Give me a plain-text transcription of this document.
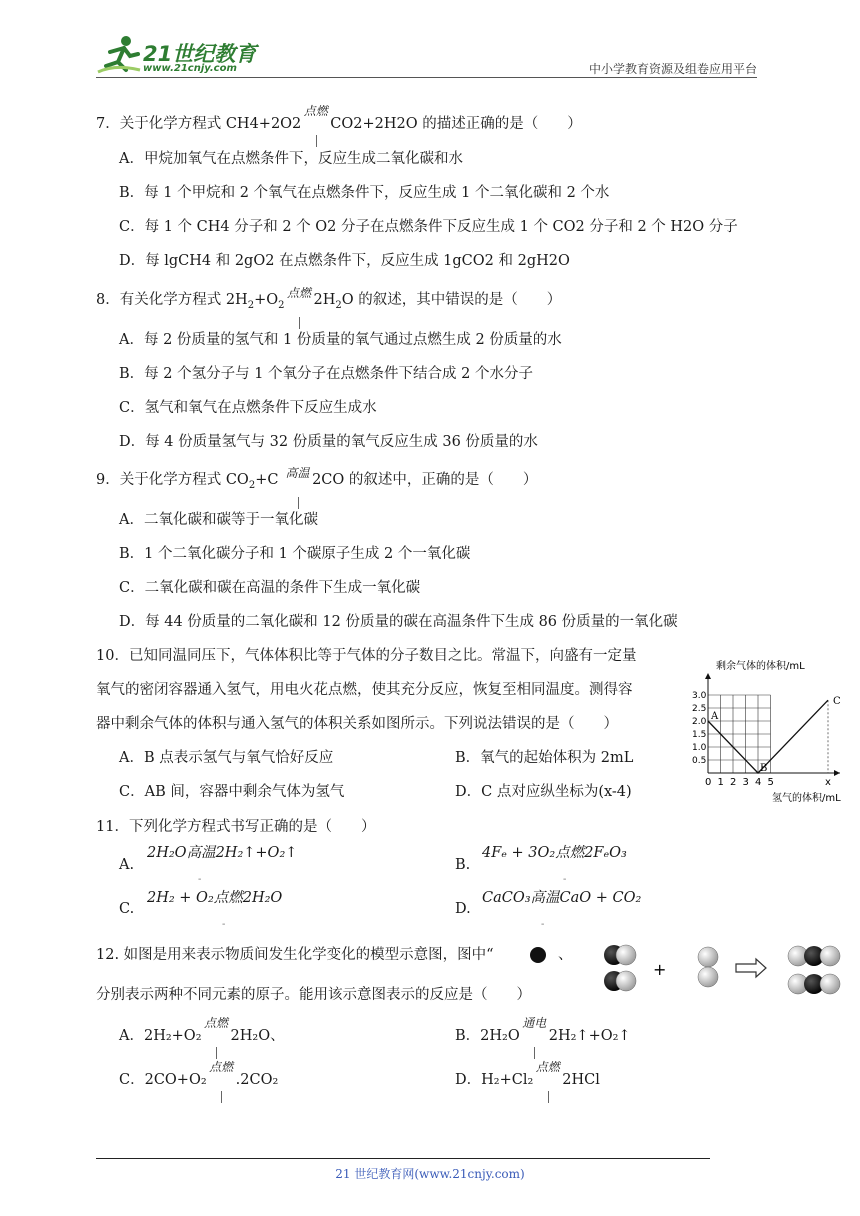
21世纪教育
www.21cnjy.com	中小学教育资源及组卷应用平台
7．关于化学方程式 CH4+2O2
点燃
CO2+2H2O 的描述正确的是（　　）
A．甲烷加氧气在点燃条件下，反应生成二氧化碳和水
B．每 1 个甲烷和 2 个氧气在点燃条件下，反应生成 1 个二氧化碳和 2 个水
C．每 1 个 CH4 分子和 2 个 O2 分子在点燃条件下反应生成 1 个 CO2 分子和 2 个 H2O 分子
D．每 lgCH4 和 2gO2 在点燃条件下，反应生成 1gCO2 和 2gH2O
8．有关化学方程式 $2H_2+O_2$
点燃 $2H_2O$ 的叙述，其中错误的是（　　）
A．每 2 份质量的氢气和 1 份质量的氧气通过点燃生成 2 份质量的水
B．每 2 个氢分子与 1 个氧分子在点燃条件下结合成 2 个水分子
C．氢气和氧气在点燃条件下反应生成水
D．每 4 份质量氢气与 32 份质量的氧气反应生成 36 份质量的水
9．关于化学方程式 $CO_2+C$ 高温 2CO 的叙述中，正确的是（　　）
A．二氧化碳和碳等于一氧化碳
B．1 个二氧化碳分子和 1 个碳原子生成 2 个一氧化碳
C．二氧化碳和碳在高温的条件下生成一氧化碳
D．每 44 份质量的二氧化碳和 12 份质量的碳在高温条件下生成 86 份质量的一氧化碳
10．已知同温同压下，气体体积比等于气体的分子数目之比。常温下，向盛有一定量
氧气的密闭容器通入氢气，用电火花点燃，使其充分反应，恢复至相同温度。测得容
器中剩余气体的体积与通入氢气的体积关系如图所示。下列说法错误的是（　　）
A．B 点表示氢气与氧气恰好反应	B．氧气的起始体积为 2mL
C．AB 间，容器中剩余气体为氢气	D．C 点对应纵坐标为(x-4)
剩余气体的体积/mL
氢气的体积/mL
0 1 2 3 4 5	x
0.5
1.0
1.5
2.0
2.5
3.0
A
B
C
11．下列化学方程式书写正确的是（　　）
A.
2H₂O高温2H₂↑+O₂↑
-
B.
4Fₑ + 3O₂点燃2FₑO₃
-
C.
2H₂ + O₂点燃2H₂O
-
D.
CaCO₃高温CaO + CO₂
-
12. 如图是用来表示物质间发生化学变化的模型示意图，图中“	、
分别表示两种不同元素的原子。能用该示意图表示的反应是（　　）
+
A．2H₂+O₂
点燃
2H₂O、	B．2H₂O
通电
2H₂↑+O₂↑
C．2CO+O₂
点燃
.2CO₂	D．H₂+Cl₂
点燃
2HCl
21 世纪教育网(www.21cnjy.com)
